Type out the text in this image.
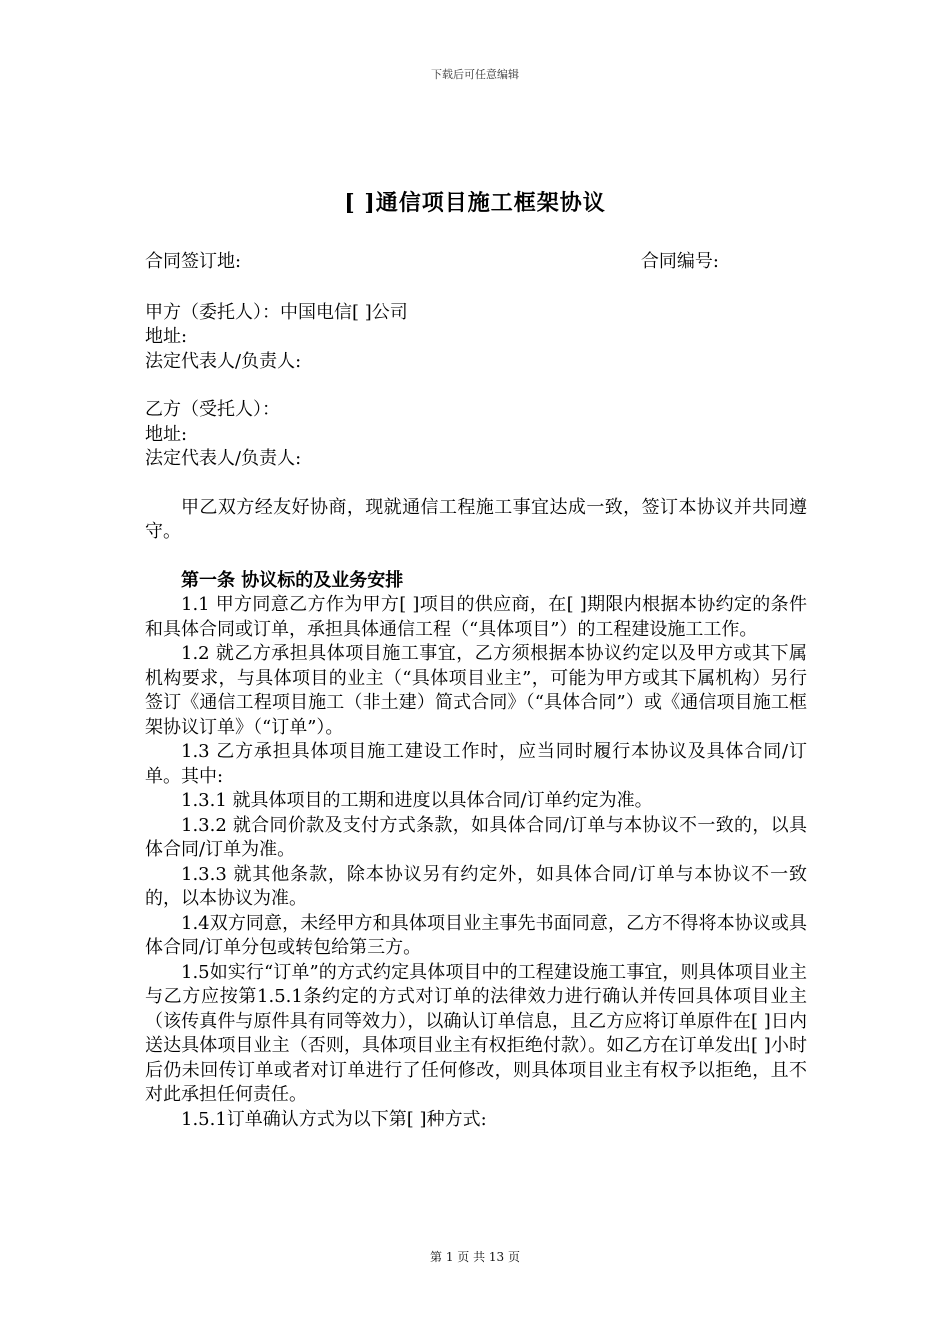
下载后可任意编辑
[ ]通信项目施工框架协议
合同签订地:	合同编号:
甲方（委托人）：中国电信[ ]公司
地址:
法定代表人/负责人:
乙方（受托人）：
地址:
法定代表人/负责人:
甲乙双方经友好协商，现就通信工程施工事宜达成一致，签订本协议并共同遵守。
第一条 协议标的及业务安排
1.1 甲方同意乙方作为甲方[ ]项目的供应商，在[ ]期限内根据本协约定的条件和具体合同或订单，承担具体通信工程（“具体项目”）的工程建设施工工作。
1.2 就乙方承担具体项目施工事宜，乙方须根据本协议约定以及甲方或其下属机构要求，与具体项目的业主（“具体项目业主”，可能为甲方或其下属机构）另行签订《通信工程项目施工（非土建）简式合同》（“具体合同”）或《通信项目施工框架协议订单》（“订单”）。
1.3 乙方承担具体项目施工建设工作时，应当同时履行本协议及具体合同/订单。其中:
1.3.1 就具体项目的工期和进度以具体合同/订单约定为准。
1.3.2 就合同价款及支付方式条款，如具体合同/订单与本协议不一致的，以具体合同/订单为准。
1.3.3 就其他条款，除本协议另有约定外，如具体合同/订单与本协议不一致的，以本协议为准。
1.4双方同意，未经甲方和具体项目业主事先书面同意，乙方不得将本协议或具体合同/订单分包或转包给第三方。
1.5如实行“订单”的方式约定具体项目中的工程建设施工事宜，则具体项目业主与乙方应按第1.5.1条约定的方式对订单的法律效力进行确认并传回具体项目业主（该传真件与原件具有同等效力），以确认订单信息，且乙方应将订单原件在[ ]日内送达具体项目业主（否则，具体项目业主有权拒绝付款）。如乙方在订单发出[ ]小时后仍未回传订单或者对订单进行了任何修改，则具体项目业主有权予以拒绝，且不对此承担任何责任。
1.5.1订单确认方式为以下第[ ]种方式:
第 1 页 共 13 页
